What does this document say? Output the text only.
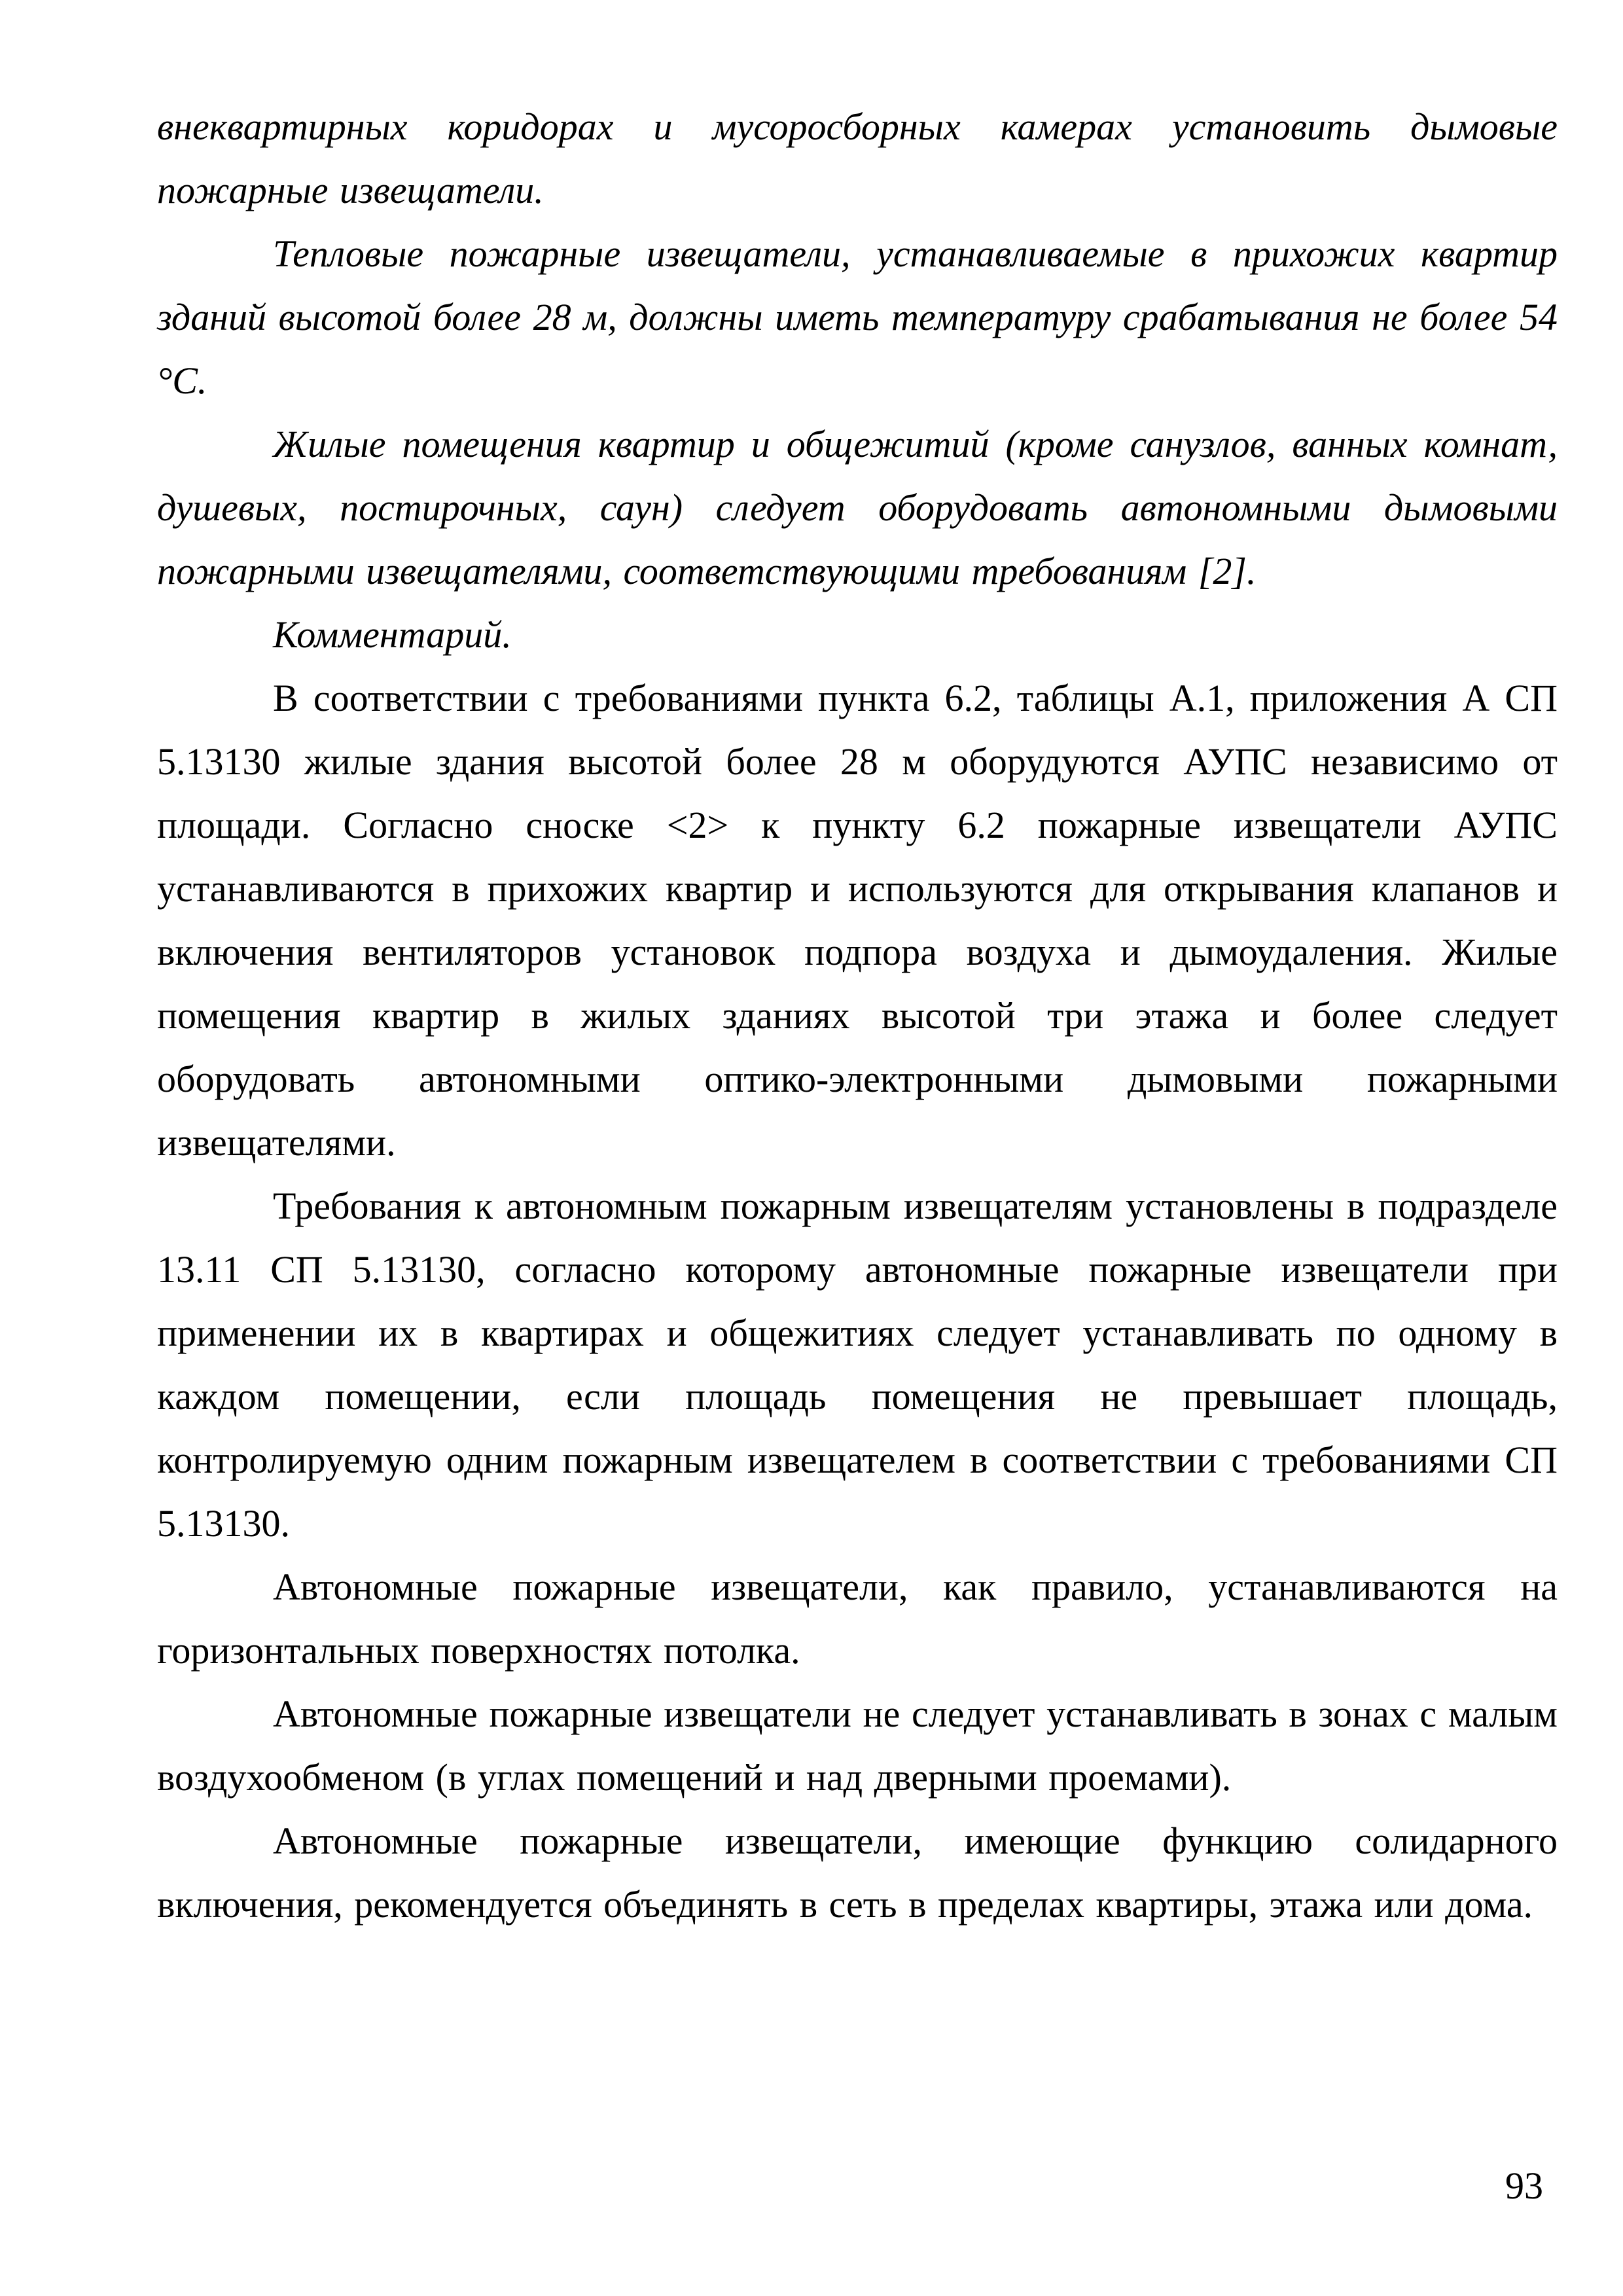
внеквартирных коридорах и мусоросборных камерах установить дымовые пожарные извещатели.

Тепловые пожарные извещатели, устанавливаемые в прихожих квартир зданий высотой более 28 м, должны иметь температуру срабатывания не более 54 °С.

Жилые помещения квартир и общежитий (кроме санузлов, ванных комнат, душевых, постирочных, саун) следует оборудовать автономными дымовыми пожарными извещателями, соответствующими требованиям [2].

Комментарий.

В соответствии с требованиями пункта 6.2, таблицы А.1, приложения А СП 5.13130 жилые здания высотой более 28 м оборудуются АУПС независимо от площади. Согласно сноске <2> к пункту 6.2 пожарные извещатели АУПС устанавливаются в прихожих квартир и используются для открывания клапанов и включения вентиляторов установок подпора воздуха и дымоудаления. Жилые помещения квартир в жилых зданиях высотой три этажа и более следует оборудовать автономными оптико-электронными дымовыми пожарными извещателями.

Требования к автономным пожарным извещателям установлены в подразделе 13.11 СП 5.13130, согласно которому автономные пожарные извещатели при применении их в квартирах и общежитиях следует устанавливать по одному в каждом помещении, если площадь помещения не превышает площадь, контролируемую одним пожарным извещателем в соответствии с требованиями СП 5.13130.

Автономные пожарные извещатели, как правило, устанавливаются на горизонтальных поверхностях потолка.

Автономные пожарные извещатели не следует устанавливать в зонах с малым воздухообменом (в углах помещений и над дверными проемами).

Автономные пожарные извещатели, имеющие функцию солидарного включения, рекомендуется объединять в сеть в пределах квартиры, этажа или дома.

93
